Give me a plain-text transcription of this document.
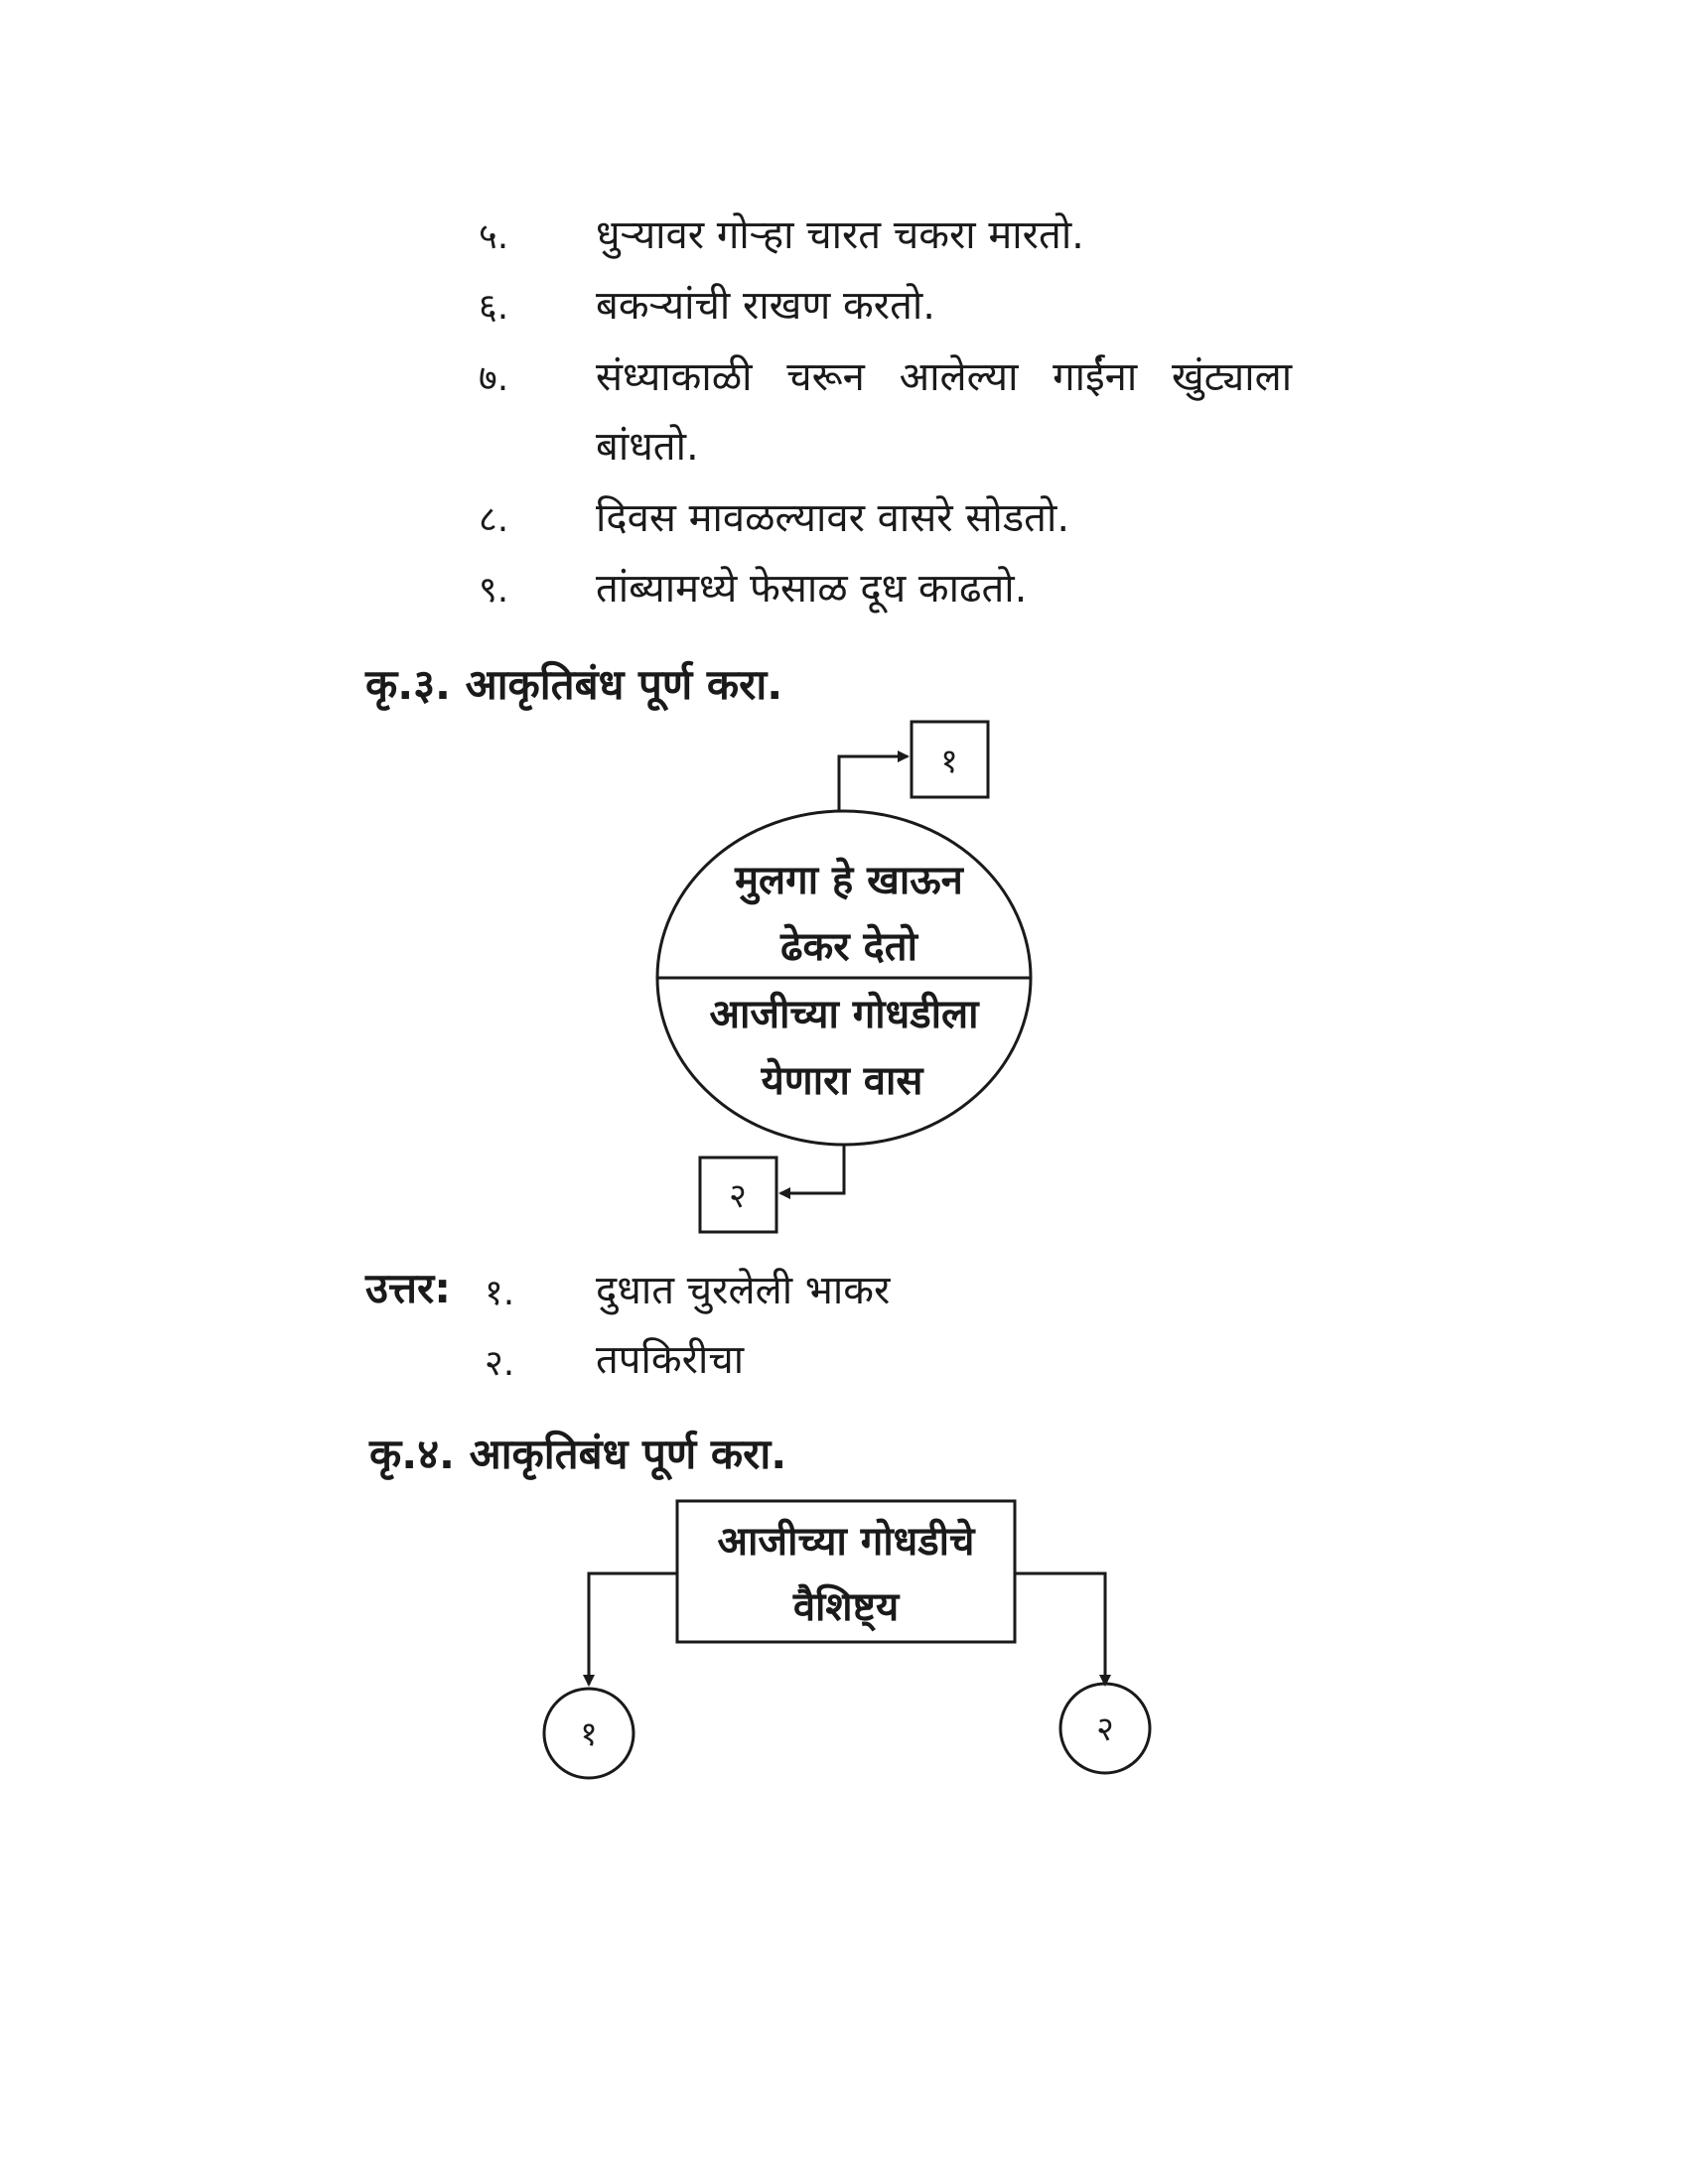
५. धुऱ्यावर गोऱ्हा चारत चकरा मारतो.
६. बकऱ्यांची राखण करतो.
७. संध्याकाळी चरून आलेल्या गाईंना खुंट्याला
बांधतो.
८. दिवस मावळल्यावर वासरे सोडतो.
९. तांब्यामध्ये फेसाळ दूध काढतो.
कृ.३. आकृतिबंध पूर्ण करा.
मुलगा हे खाऊन
ढेकर देतो
आजीच्या गोधडीला
येणारा वास
१
२
आजीच्या गोधडीचे
वैशिष्ट्य
१	२
उत्तर: १. दुधात चुरलेली भाकर
२. तपकिरीचा
कृ.४. आकृतिबंध पूर्ण करा.
